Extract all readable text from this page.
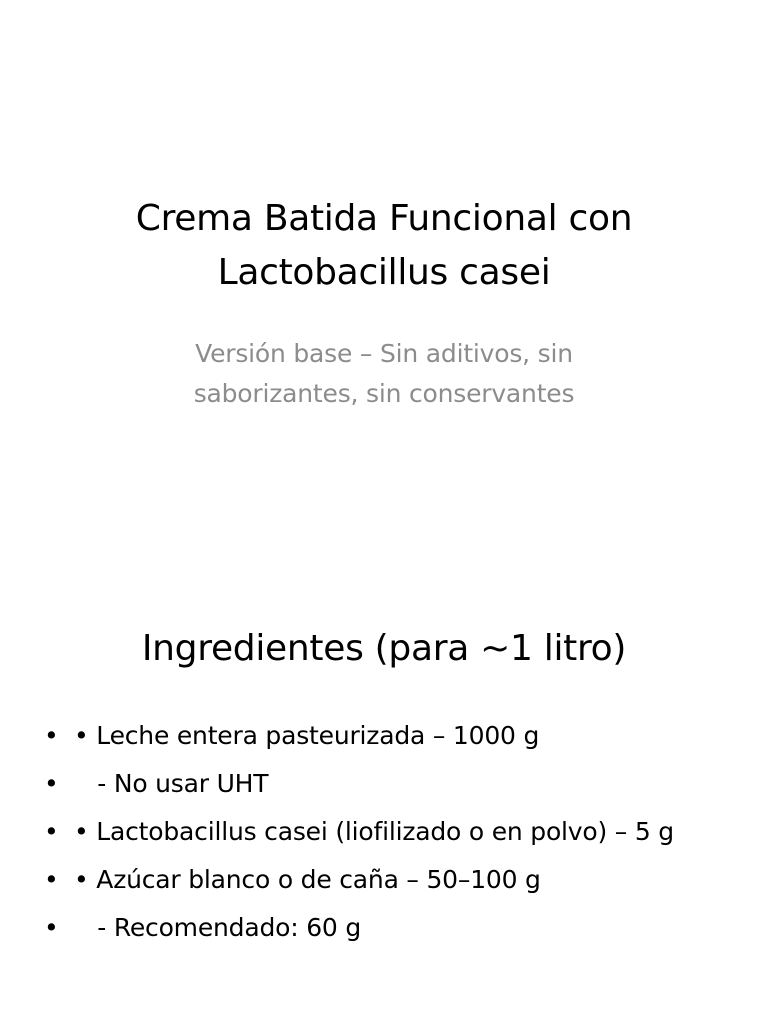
Crema Batida Funcional con
Lactobacillus casei

Versión base – Sin aditivos, sin
saborizantes, sin conservantes

Ingredientes (para ~1 litro)
• • Leche entera pasteurizada – 1000 g
• - No usar UHT
• • Lactobacillus casei (liofilizado o en polvo) – 5 g
• • Azúcar blanco o de caña – 50–100 g
• - Recomendado: 60 g
